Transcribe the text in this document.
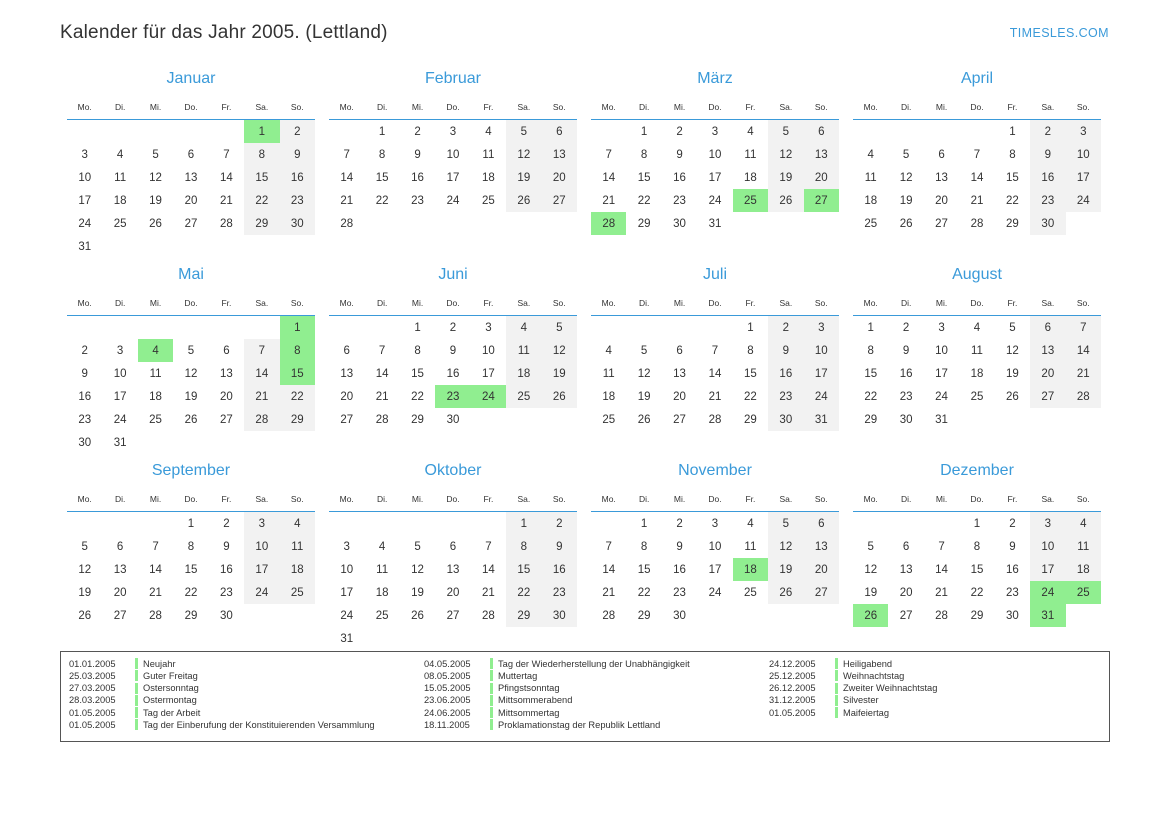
Kalender für das Jahr 2005. (Lettland)	TIMESLES.COM
Januar
Mo.	Di.	Mi.	Do.	Fr.	Sa.	So.
					1	2
3	4	5	6	7	8	9
10	11	12	13	14	15	16
17	18	19	20	21	22	23
24	25	26	27	28	29	30
31						
Februar
Mo.	Di.	Mi.	Do.	Fr.	Sa.	So.
	1	2	3	4	5	6
7	8	9	10	11	12	13
14	15	16	17	18	19	20
21	22	23	24	25	26	27
28						
März
Mo.	Di.	Mi.	Do.	Fr.	Sa.	So.
	1	2	3	4	5	6
7	8	9	10	11	12	13
14	15	16	17	18	19	20
21	22	23	24	25	26	27
28	29	30	31			
April
Mo.	Di.	Mi.	Do.	Fr.	Sa.	So.
				1	2	3
4	5	6	7	8	9	10
11	12	13	14	15	16	17
18	19	20	21	22	23	24
25	26	27	28	29	30	
Mai
Mo.	Di.	Mi.	Do.	Fr.	Sa.	So.
						1
2	3	4	5	6	7	8
9	10	11	12	13	14	15
16	17	18	19	20	21	22
23	24	25	26	27	28	29
30	31					
Juni
Mo.	Di.	Mi.	Do.	Fr.	Sa.	So.
		1	2	3	4	5
6	7	8	9	10	11	12
13	14	15	16	17	18	19
20	21	22	23	24	25	26
27	28	29	30			
Juli
Mo.	Di.	Mi.	Do.	Fr.	Sa.	So.
				1	2	3
4	5	6	7	8	9	10
11	12	13	14	15	16	17
18	19	20	21	22	23	24
25	26	27	28	29	30	31
August
Mo.	Di.	Mi.	Do.	Fr.	Sa.	So.
1	2	3	4	5	6	7
8	9	10	11	12	13	14
15	16	17	18	19	20	21
22	23	24	25	26	27	28
29	30	31				
September
Mo.	Di.	Mi.	Do.	Fr.	Sa.	So.
			1	2	3	4
5	6	7	8	9	10	11
12	13	14	15	16	17	18
19	20	21	22	23	24	25
26	27	28	29	30		
Oktober
Mo.	Di.	Mi.	Do.	Fr.	Sa.	So.
					1	2
3	4	5	6	7	8	9
10	11	12	13	14	15	16
17	18	19	20	21	22	23
24	25	26	27	28	29	30
31						
November
Mo.	Di.	Mi.	Do.	Fr.	Sa.	So.
	1	2	3	4	5	6
7	8	9	10	11	12	13
14	15	16	17	18	19	20
21	22	23	24	25	26	27
28	29	30				
Dezember
Mo.	Di.	Mi.	Do.	Fr.	Sa.	So.
			1	2	3	4
5	6	7	8	9	10	11
12	13	14	15	16	17	18
19	20	21	22	23	24	25
26	27	28	29	30	31	
01.01.2005	Neujahr
25.03.2005	Guter Freitag
27.03.2005	Ostersonntag
28.03.2005	Ostermontag
01.05.2005	Tag der Arbeit
01.05.2005	Tag der Einberufung der Konstituierenden Versammlung
04.05.2005	Tag der Wiederherstellung der Unabhängigkeit
08.05.2005	Muttertag
15.05.2005	Pfingstsonntag
23.06.2005	Mittsommerabend
24.06.2005	Mittsommertag
18.11.2005	Proklamationstag der Republik Lettland
24.12.2005	Heiligabend
25.12.2005	Weihnachtstag
26.12.2005	Zweiter Weihnachtstag
31.12.2005	Silvester
01.05.2005	Maifeiertag
